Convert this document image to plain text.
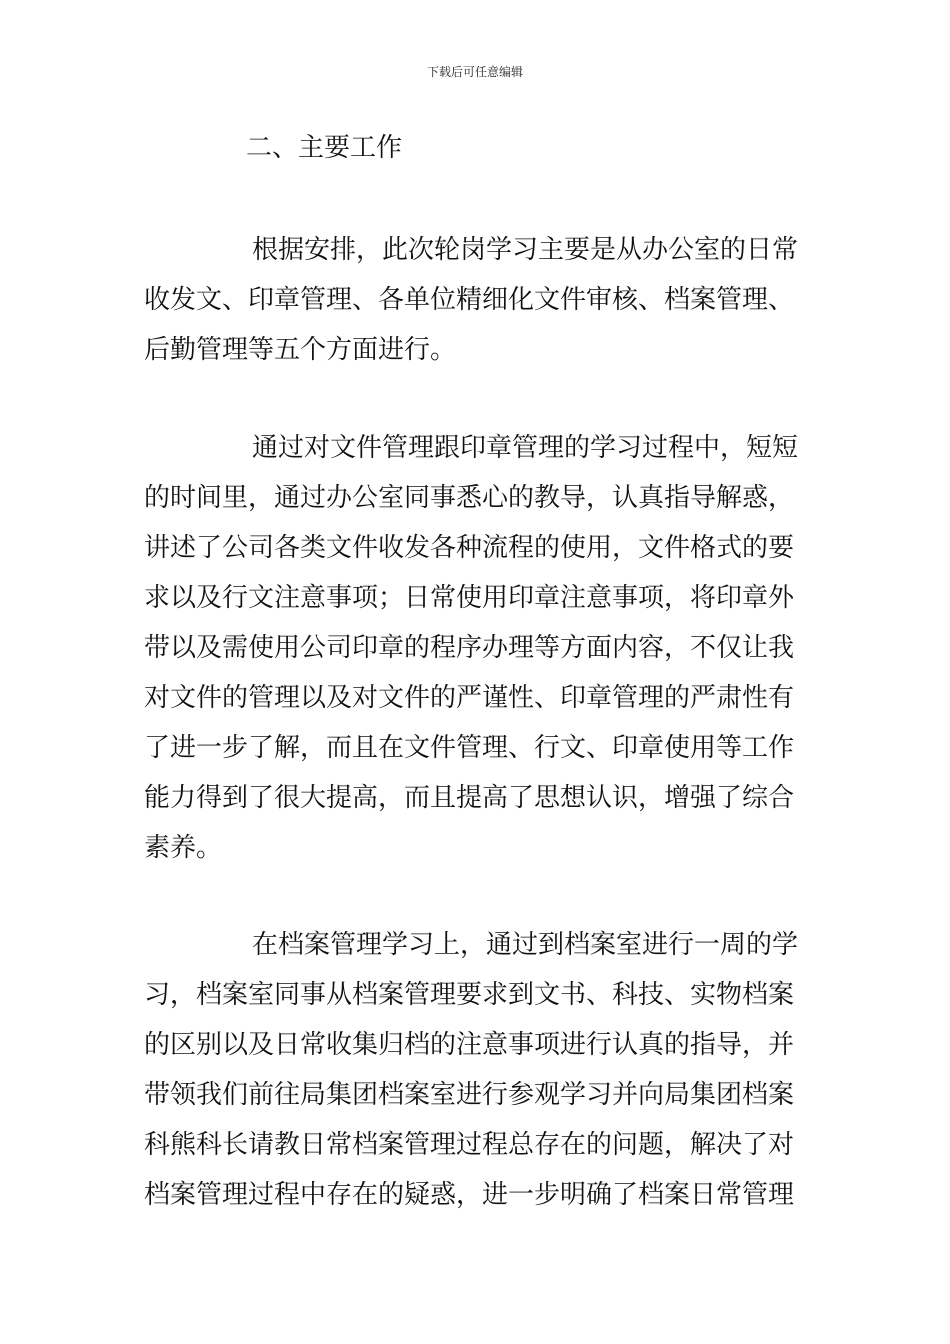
下载后可任意编辑
二、主要工作
根据安排，此次轮岗学习主要是从办公室的日常
收发文、印章管理、各单位精细化文件审核、档案管理、
后勤管理等五个方面进行。
通过对文件管理跟印章管理的学习过程中，短短
的时间里，通过办公室同事悉心的教导，认真指导解惑，
讲述了公司各类文件收发各种流程的使用，文件格式的要
求以及行文注意事项；日常使用印章注意事项，将印章外
带以及需使用公司印章的程序办理等方面内容，不仅让我
对文件的管理以及对文件的严谨性、印章管理的严肃性有
了进一步了解，而且在文件管理、行文、印章使用等工作
能力得到了很大提高，而且提高了思想认识，增强了综合
素养。
在档案管理学习上，通过到档案室进行一周的学
习，档案室同事从档案管理要求到文书、科技、实物档案
的区别以及日常收集归档的注意事项进行认真的指导，并
带领我们前往局集团档案室进行参观学习并向局集团档案
科熊科长请教日常档案管理过程总存在的问题，解决了对
档案管理过程中存在的疑惑，进一步明确了档案日常管理
